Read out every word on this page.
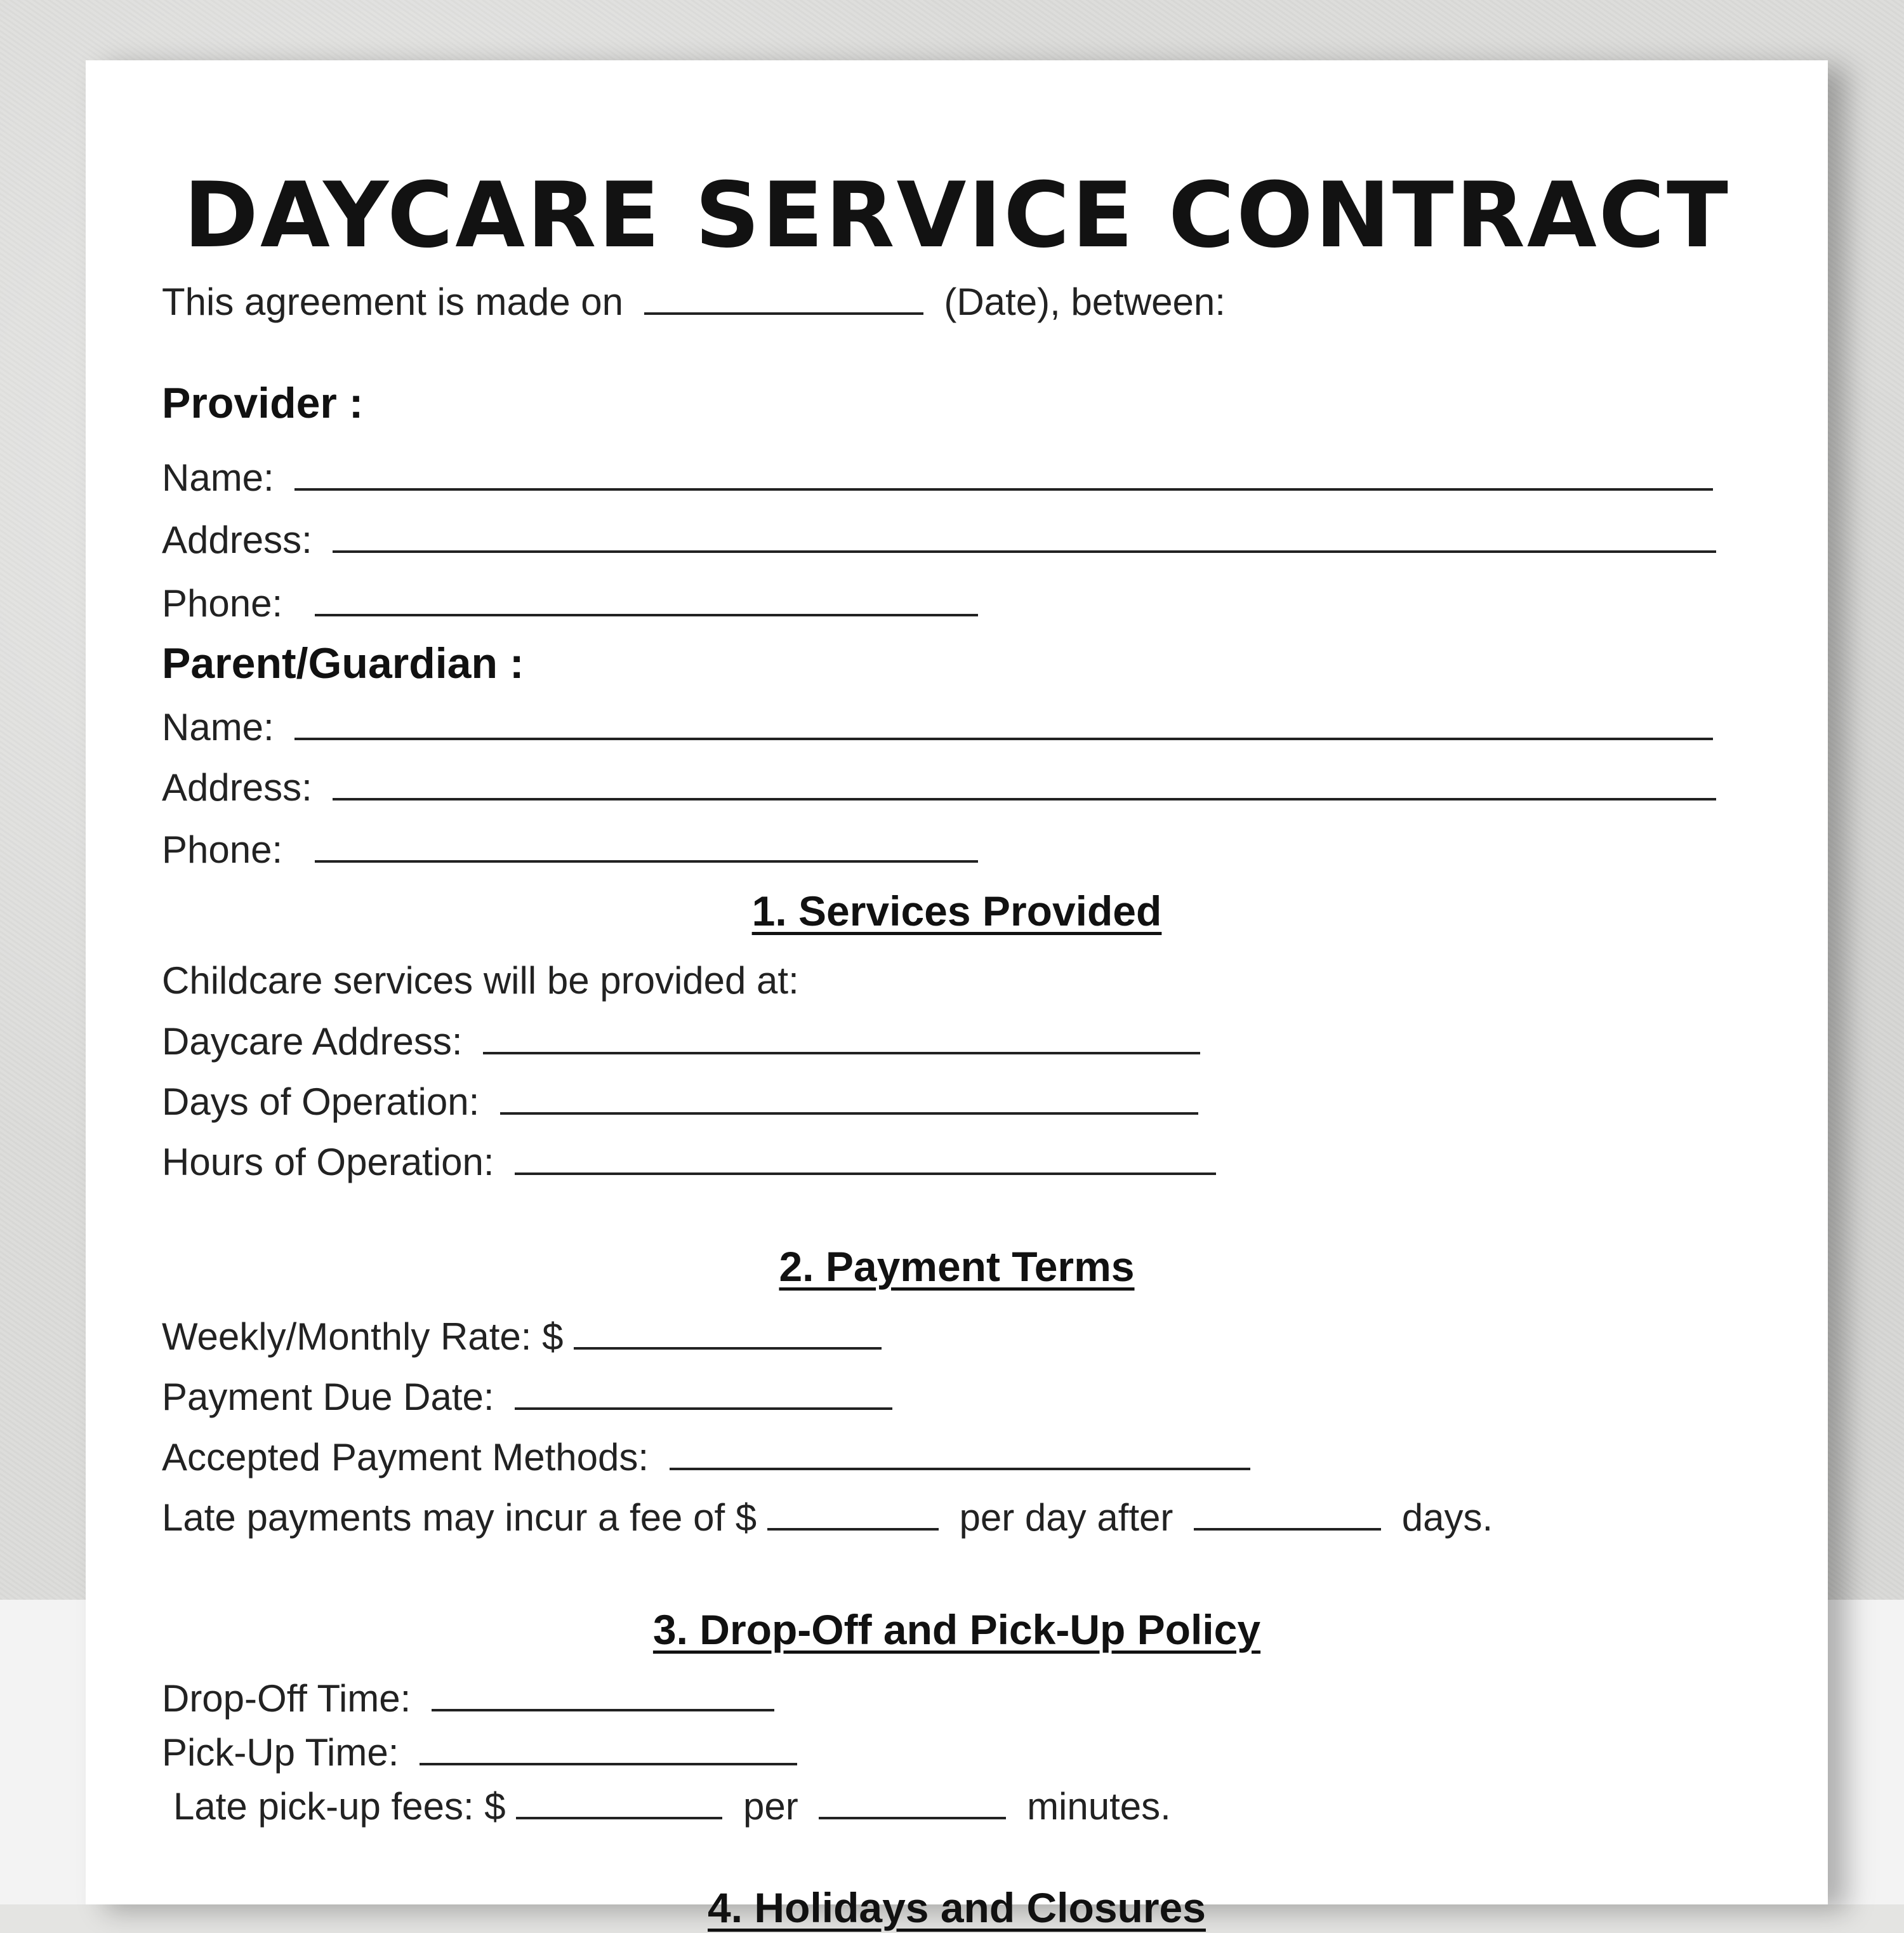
DAYCARE SERVICE CONTRACT
This agreement is made on	(Date), between:
Provider :
Name:
Address:
Phone:
Parent/Guardian :
Name:
Address:
Phone:
1. Services Provided
Childcare services will be provided at:
Daycare Address:
Days of Operation:
Hours of Operation:
2. Payment Terms
Weekly/Monthly Rate: $
Payment Due Date:
Accepted Payment Methods:
Late payments may incur a fee of $	per day after	days.
3. Drop-Off and Pick-Up Policy
Drop-Off Time:
Pick-Up Time:
Late pick-up fees: $	per	minutes.
4. Holidays and Closures
